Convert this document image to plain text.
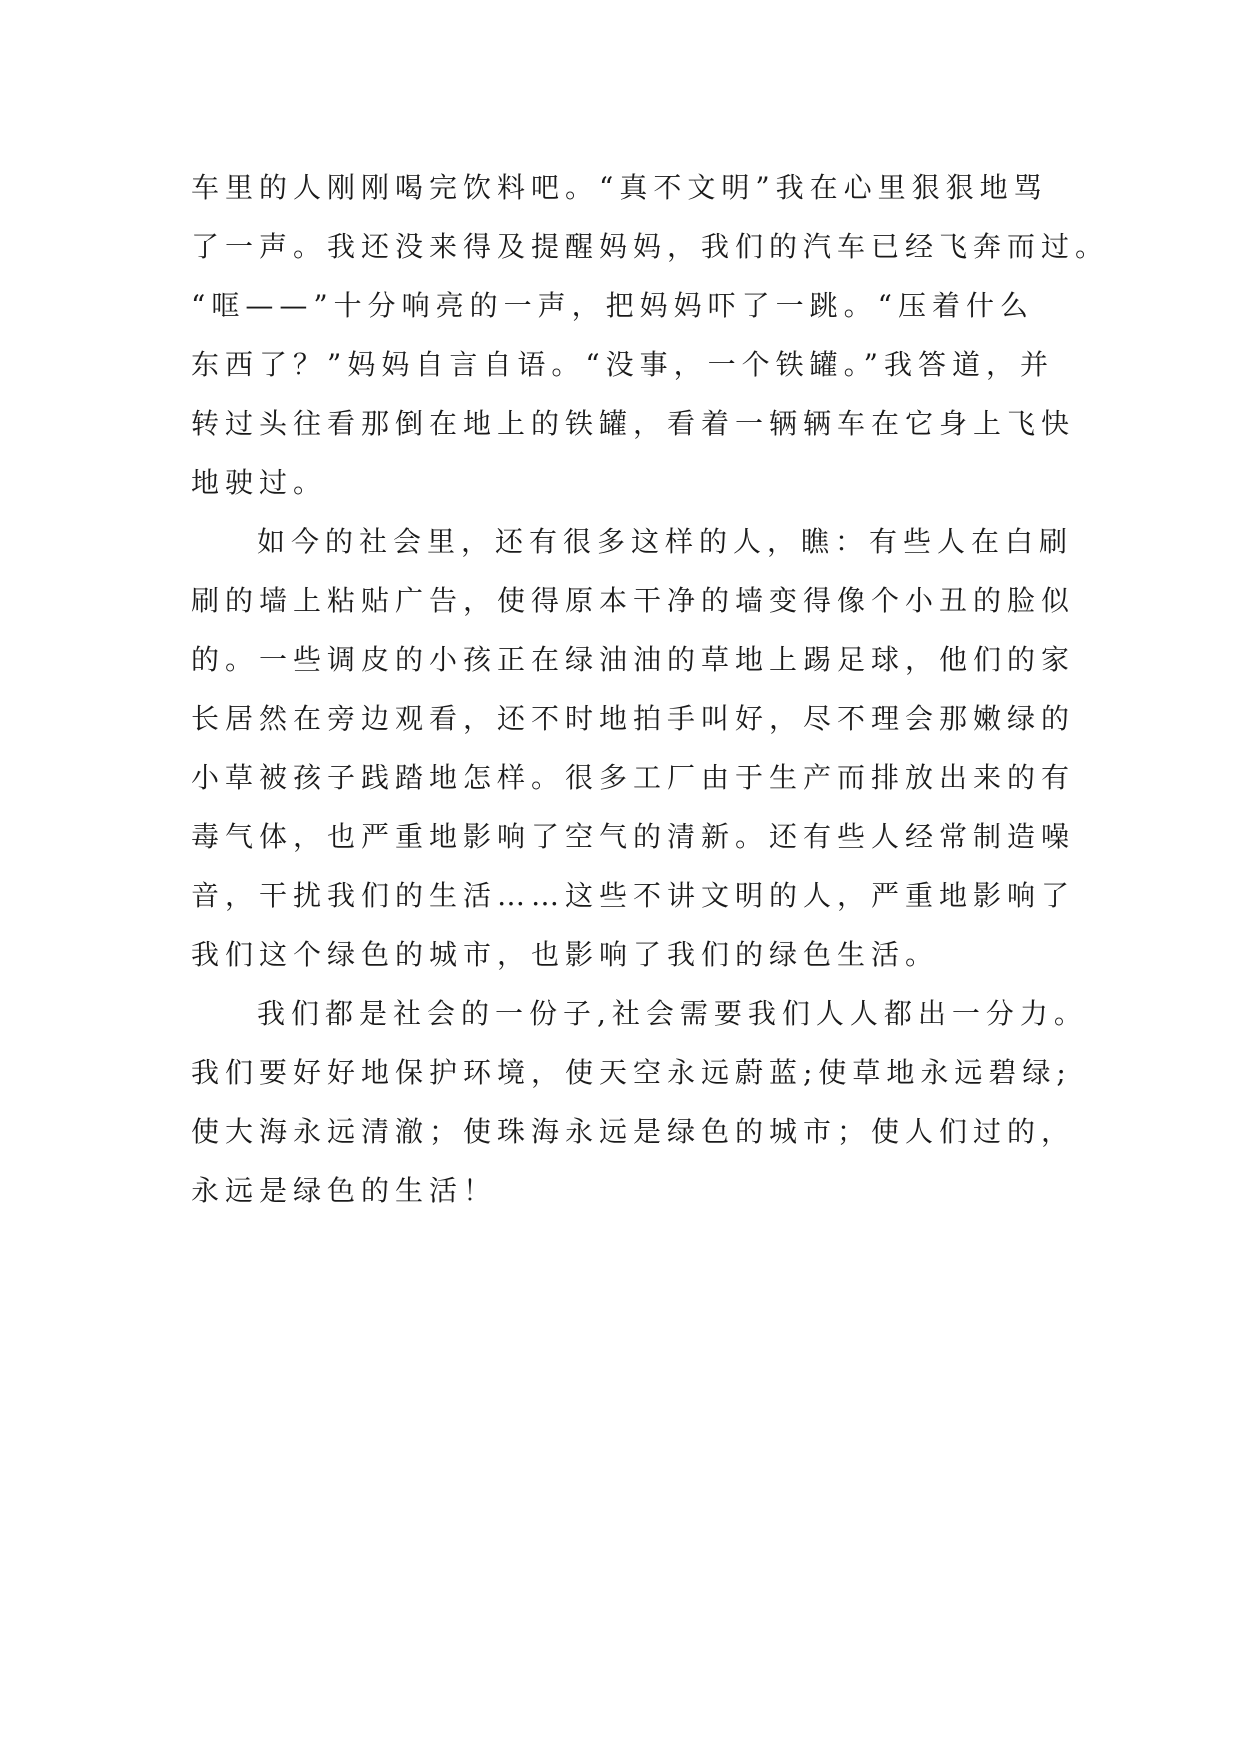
车里的人刚刚喝完饮料吧。“真不文明”我在心里狠狠地骂
了一声。我还没来得及提醒妈妈，我们的汽车已经飞奔而过。
“哐——”十分响亮的一声，把妈妈吓了一跳。“压着什么
东西了？”妈妈自言自语。“没事，一个铁罐。”我答道，并
转过头往看那倒在地上的铁罐，看着一辆辆车在它身上飞快
地驶过。
如今的社会里，还有很多这样的人，瞧：有些人在白刷
刷的墙上粘贴广告，使得原本干净的墙变得像个小丑的脸似
的。一些调皮的小孩正在绿油油的草地上踢足球，他们的家
长居然在旁边观看，还不时地拍手叫好，尽不理会那嫩绿的
小草被孩子践踏地怎样。很多工厂由于生产而排放出来的有
毒气体，也严重地影响了空气的清新。还有些人经常制造噪
音，干扰我们的生活……这些不讲文明的人，严重地影响了
我们这个绿色的城市，也影响了我们的绿色生活。
我们都是社会的一份子,社会需要我们人人都出一分力。
我们要好好地保护环境，使天空永远蔚蓝;使草地永远碧绿;
使大海永远清澈；使珠海永远是绿色的城市；使人们过的，
永远是绿色的生活！
